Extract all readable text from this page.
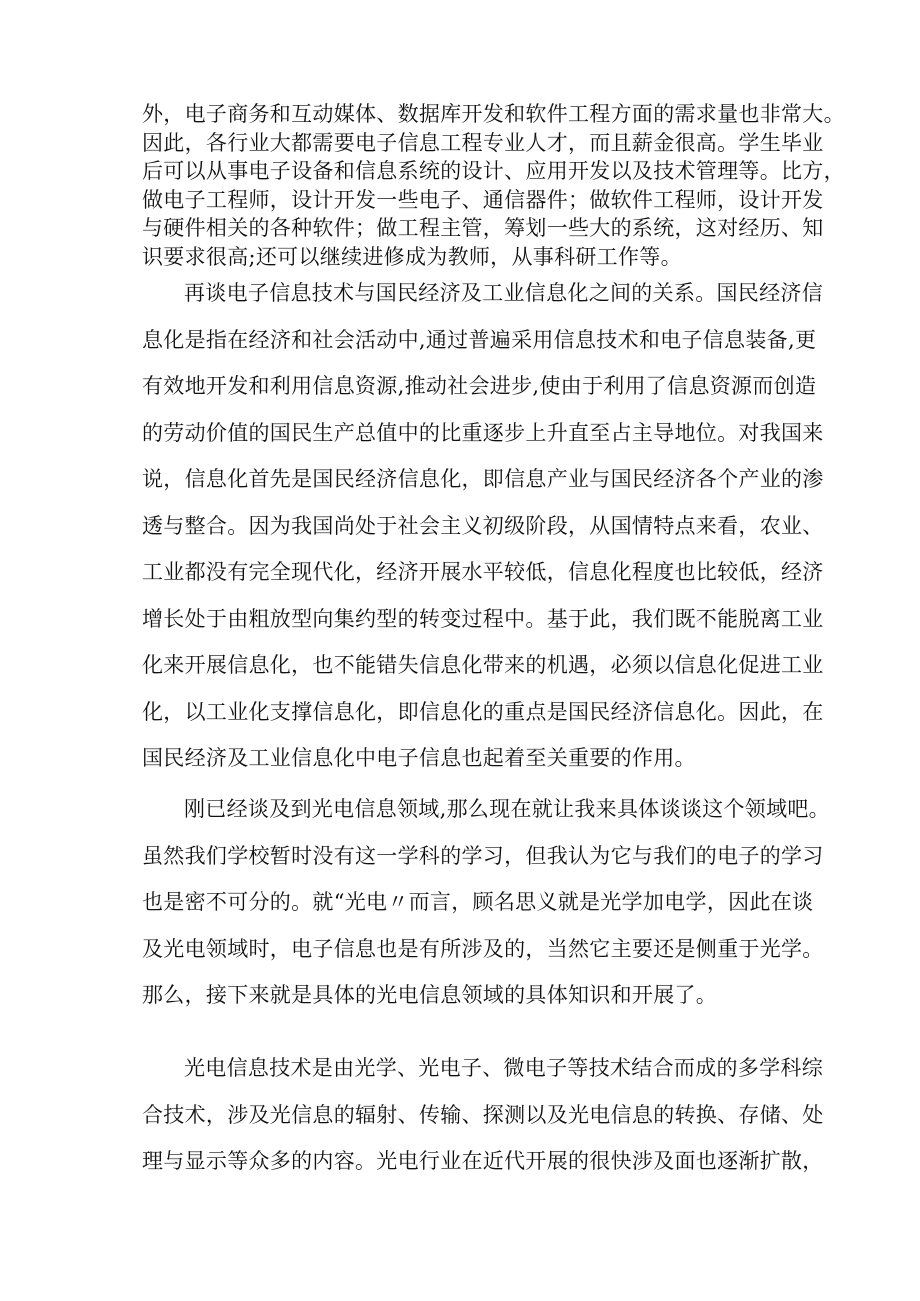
外，电子商务和互动媒体、数据库开发和软件工程方面的需求量也非常大。
因此，各行业大都需要电子信息工程专业人才，而且薪金很高。学生毕业
后可以从事电子设备和信息系统的设计、应用开发以及技术管理等。比方，
做电子工程师，设计开发一些电子、通信器件；做软件工程师，设计开发
与硬件相关的各种软件；做工程主管，筹划一些大的系统，这对经历、知
识要求很高;还可以继续进修成为教师，从事科研工作等。
再谈电子信息技术与国民经济及工业信息化之间的关系。国民经济信
息化是指在经济和社会活动中,通过普遍采用信息技术和电子信息装备,更
有效地开发和利用信息资源,推动社会进步,使由于利用了信息资源而创造
的劳动价值的国民生产总值中的比重逐步上升直至占主导地位。对我国来
说，信息化首先是国民经济信息化，即信息产业与国民经济各个产业的渗
透与整合。因为我国尚处于社会主义初级阶段，从国情特点来看，农业、
工业都没有完全现代化，经济开展水平较低，信息化程度也比较低，经济
增长处于由粗放型向集约型的转变过程中。基于此，我们既不能脱离工业
化来开展信息化，也不能错失信息化带来的机遇，必须以信息化促进工业
化，以工业化支撑信息化，即信息化的重点是国民经济信息化。因此，在
国民经济及工业信息化中电子信息也起着至关重要的作用。
刚已经谈及到光电信息领域,那么现在就让我来具体谈谈这个领域吧。
虽然我们学校暂时没有这一学科的学习，但我认为它与我们的电子的学习
也是密不可分的。就“光电〃而言，顾名思义就是光学加电学，因此在谈
及光电领域时，电子信息也是有所涉及的，当然它主要还是侧重于光学。
那么，接下来就是具体的光电信息领域的具体知识和开展了。
光电信息技术是由光学、光电子、微电子等技术结合而成的多学科综
合技术，涉及光信息的辐射、传输、探测以及光电信息的转换、存储、处
理与显示等众多的内容。光电行业在近代开展的很快涉及面也逐渐扩散，
